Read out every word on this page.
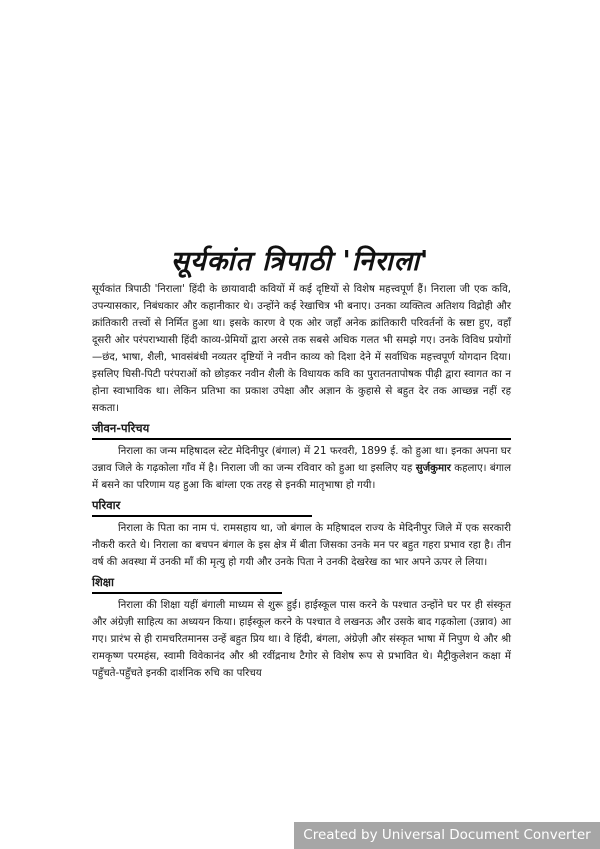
सूर्यकांत त्रिपाठी 'निराला'

सूर्यकांत त्रिपाठी 'निराला' हिंदी के छायावादी कवियों में कई दृष्टियों से विशेष महत्त्वपूर्ण हैं। निराला जी एक कवि, उपन्यासकार, निबंधकार और कहानीकार थे। उन्होंने कई रेखाचित्र भी बनाए। उनका व्यक्तित्व अतिशय विद्रोही और क्रांतिकारी तत्त्वों से निर्मित हुआ था। इसके कारण वे एक ओर जहाँ अनेक क्रांतिकारी परिवर्तनों के स्रष्टा हुए, वहाँ दूसरी ओर परंपराभ्यासी हिंदी काव्य-प्रेमियों द्वारा अरसे तक सबसे अधिक गलत भी समझे गए। उनके विविध प्रयोगों—छंद, भाषा, शैली, भावसंबंधी नव्यतर दृष्टियों ने नवीन काव्य को दिशा देने में सर्वाधिक महत्त्वपूर्ण योगदान दिया। इसलिए घिसी-पिटी परंपराओं को छोड़कर नवीन शैली के विधायक कवि का पुरातनतापोषक पीढ़ी द्वारा स्वागत का न होना स्वाभाविक था। लेकिन प्रतिभा का प्रकाश उपेक्षा और अज्ञान के कुहासे से बहुत देर तक आच्छन्न नहीं रह सकता।

जीवन-परिचय

निराला का जन्म महिषादल स्टेट मेदिनीपुर (बंगाल) में 21 फरवरी, 1899 ई. को हुआ था। इनका अपना घर उन्नाव जिले के गढ़कोला गाँव में है। निराला जी का जन्म रविवार को हुआ था इसलिए यह सुर्जकुमार कहलाए। बंगाल में बसने का परिणाम यह हुआ कि बांग्ला एक तरह से इनकी मातृभाषा हो गयी।

परिवार

निराला के पिता का नाम पं. रामसहाय था, जो बंगाल के महिषादल राज्य के मेदिनीपुर जिले में एक सरकारी नौकरी करते थे। निराला का बचपन बंगाल के इस क्षेत्र में बीता जिसका उनके मन पर बहुत गहरा प्रभाव रहा है। तीन वर्ष की अवस्था में उनकी माँ की मृत्यु हो गयी और उनके पिता ने उनकी देखरेख का भार अपने ऊपर ले लिया।

शिक्षा

निराला की शिक्षा यहीं बंगाली माध्यम से शुरू हुई। हाईस्कूल पास करने के पश्चात उन्होंने घर पर ही संस्कृत और अंग्रेज़ी साहित्य का अध्ययन किया। हाईस्कूल करने के पश्चात वे लखनऊ और उसके बाद गढ़कोला (उन्नाव) आ गए। प्रारंभ से ही रामचरितमानस उन्हें बहुत प्रिय था। वे हिंदी, बंगला, अंग्रेज़ी और संस्कृत भाषा में निपुण थे और श्री रामकृष्ण परमहंस, स्वामी विवेकानंद और श्री रवींद्रनाथ टैगोर से विशेष रूप से प्रभावित थे। मैट्रीकुलेशन कक्षा में पहुँचते-पहुँचते इनकी दार्शनिक रुचि का परिचय

Created by Universal Document Converter
